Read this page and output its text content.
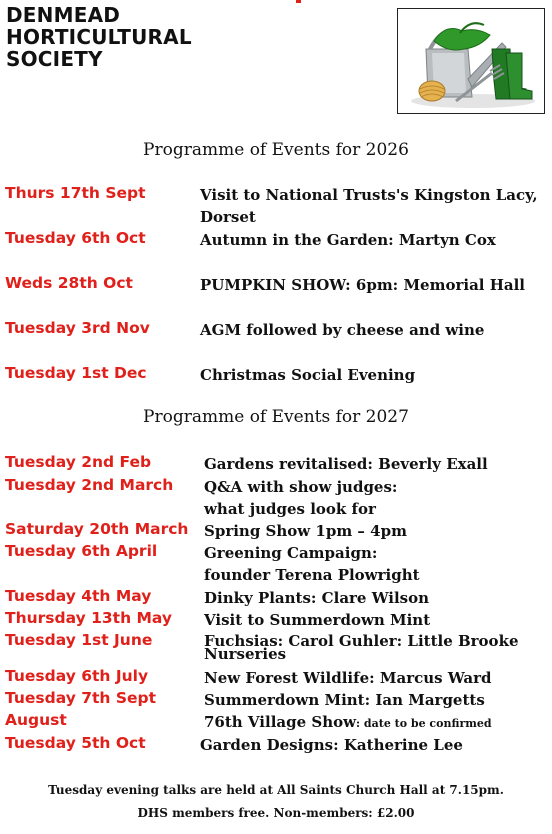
DENMEAD
HORTICULTURAL
SOCIETY
Programme of Events for 2026
Thurs 17th Sept	Visit to National Trusts's Kingston Lacy,
Dorset
Tuesday 6th Oct	Autumn in the Garden: Martyn Cox
Weds 28th Oct	PUMPKIN SHOW: 6pm: Memorial Hall
Tuesday 3rd Nov	AGM followed by cheese and wine
Tuesday 1st Dec	Christmas Social Evening
Programme of Events for 2027
Tuesday 2nd Feb	Gardens revitalised: Beverly Exall
Tuesday 2nd March Q&A with show judges:
what judges look for
Saturday 20th March Spring Show 1pm – 4pm
Tuesday 6th April	Greening Campaign:
founder Terena Plowright
Tuesday 4th May	Dinky Plants: Clare Wilson
Thursday 13th May Visit to Summerdown Mint
Tuesday 1st June	Fuchsias: Carol Guhler: Little Brooke
Nurseries
Tuesday 6th July	New Forest Wildlife: Marcus Ward
Tuesday 7th Sept	Summerdown Mint: Ian Margetts
August	76th Village Show: date to be confirmed
Tuesday 5th Oct	Garden Designs: Katherine Lee
Tuesday evening talks are held at All Saints Church Hall at 7.15pm.
DHS members free. Non-members: £2.00
